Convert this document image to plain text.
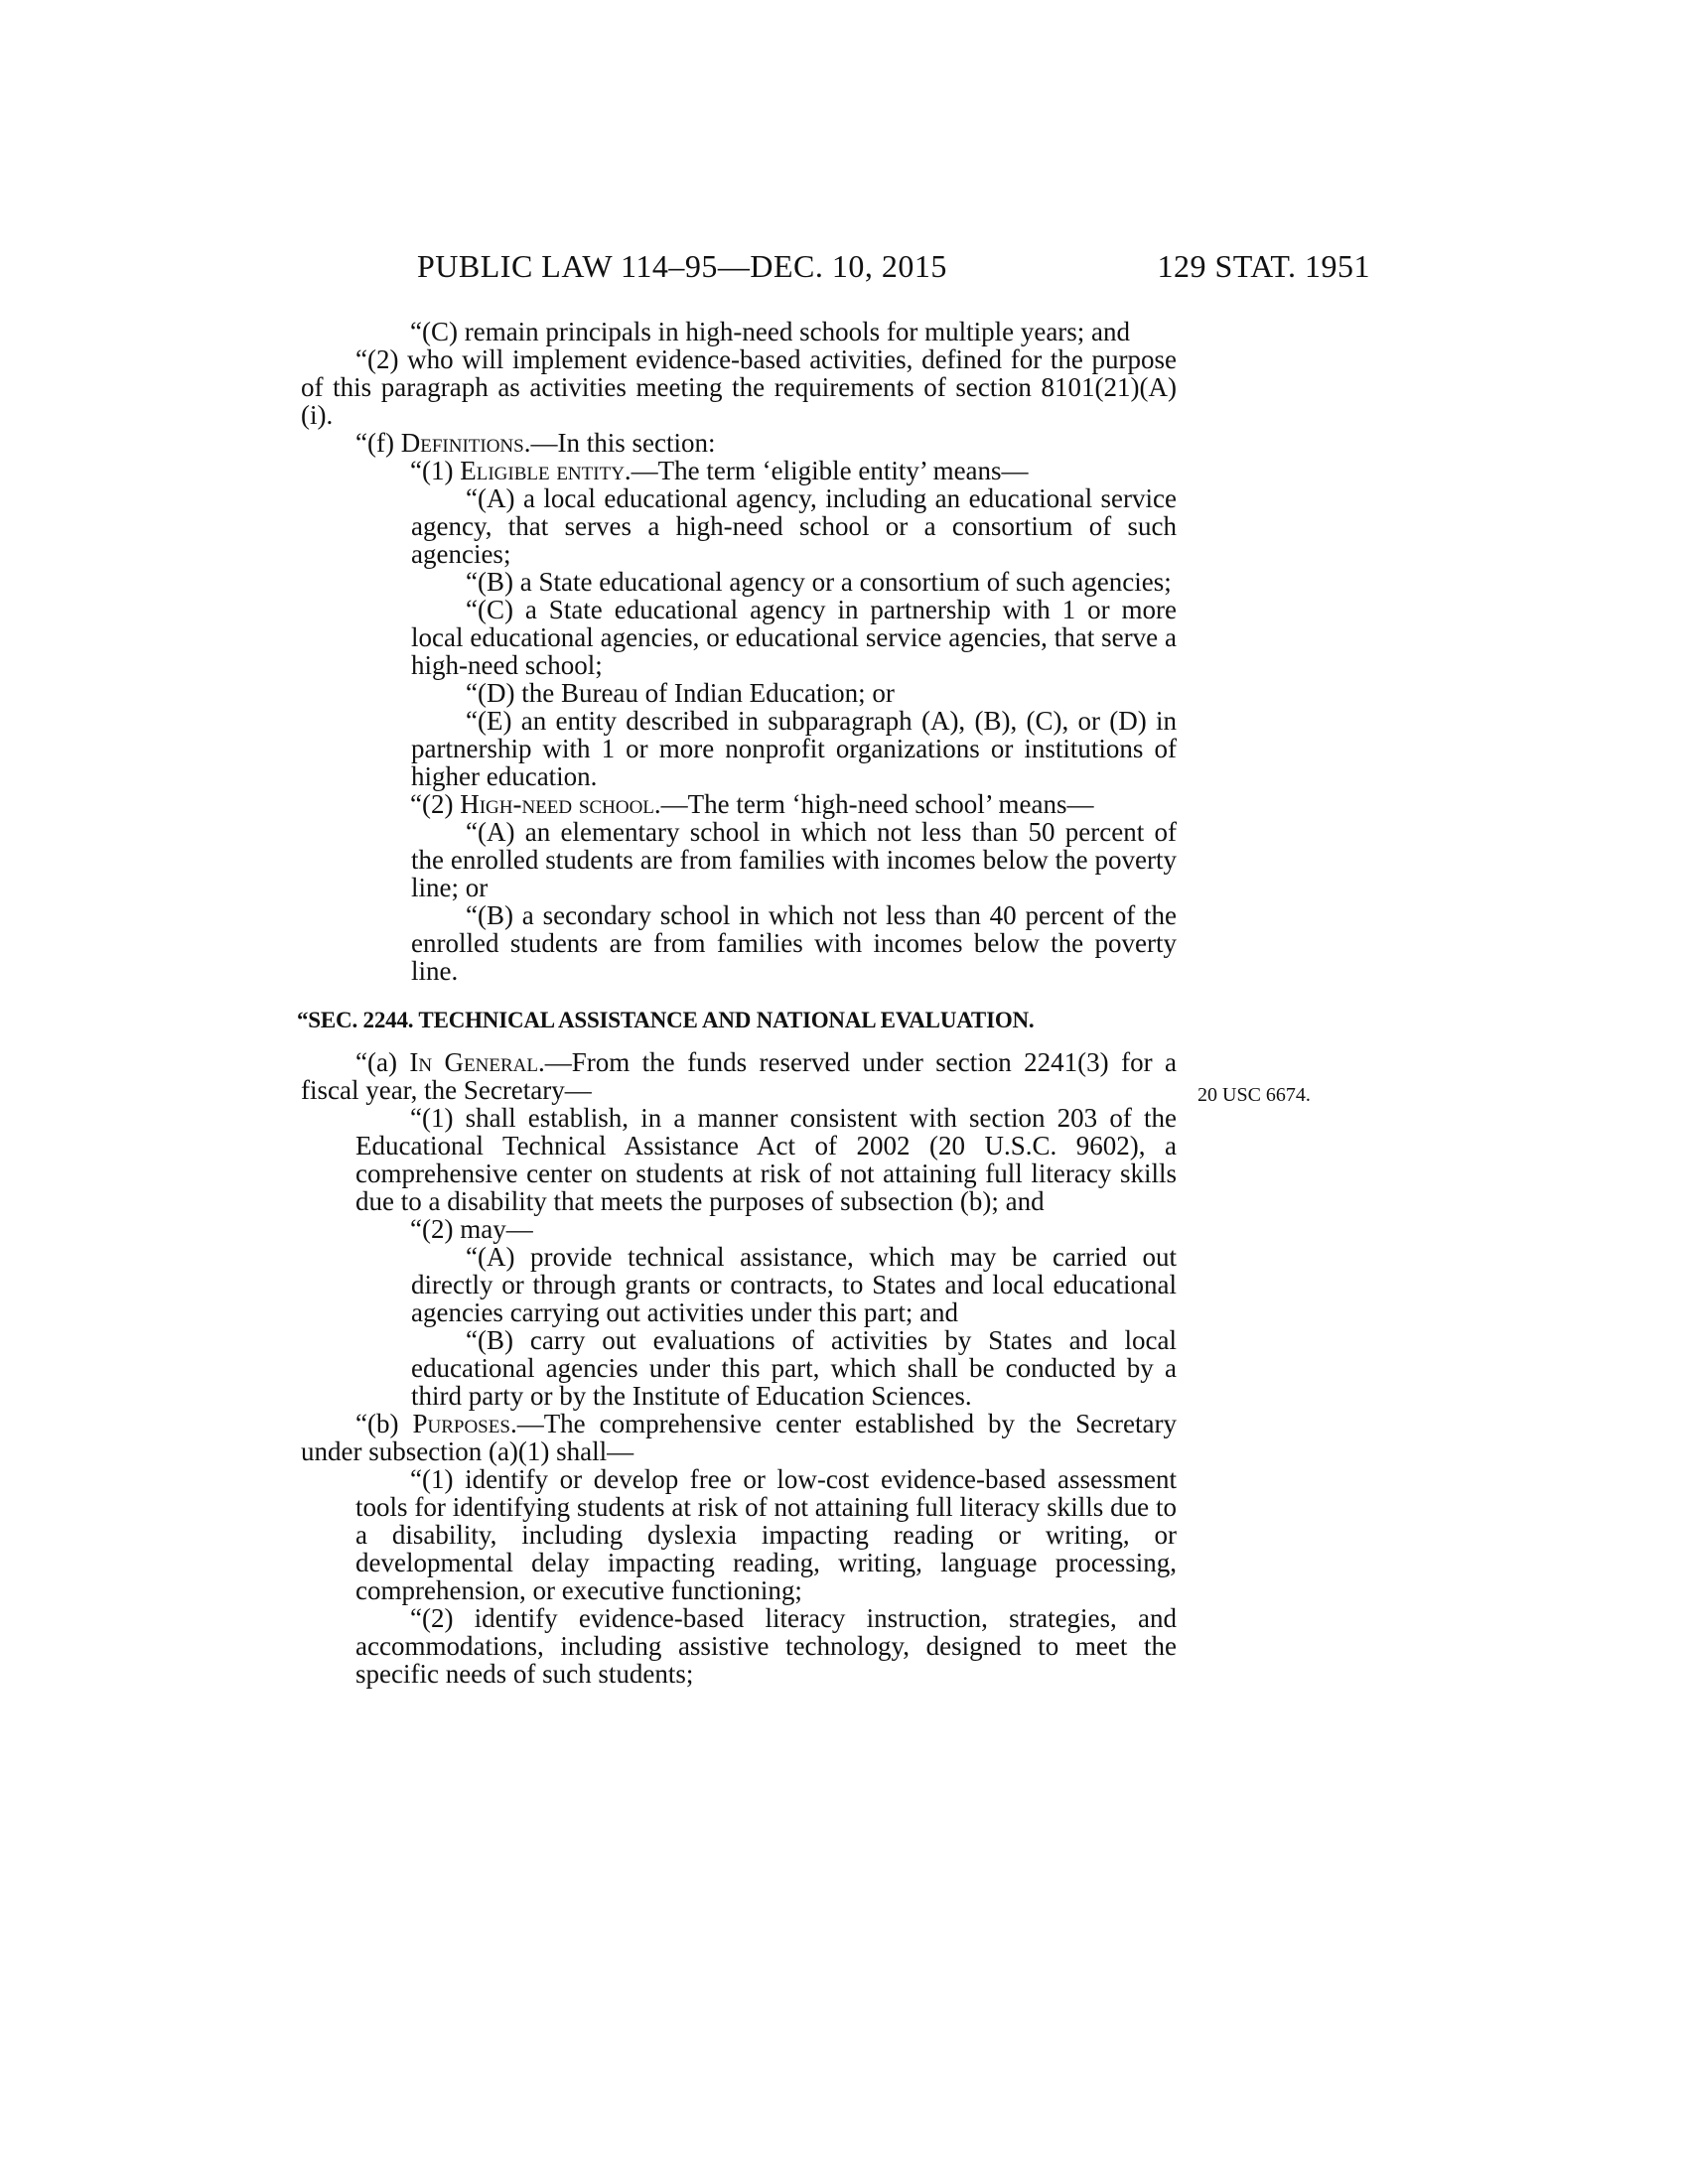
PUBLIC LAW 114–95—DEC. 10, 2015	129 STAT. 1951
20 USC 6674.

“(C) remain principals in high-need schools for multiple years; and

“(2) who will implement evidence-based activities, defined for the purpose of this paragraph as activities meeting the requirements of section 8101(21)(A)(i).

“(f) Definitions.—In this section:

“(1) Eligible entity.—The term ‘eligible entity’ means—

“(A) a local educational agency, including an educational service agency, that serves a high-need school or a consortium of such agencies;

“(B) a State educational agency or a consortium of such agencies;

“(C) a State educational agency in partnership with 1 or more local educational agencies, or educational service agencies, that serve a high-need school;

“(D) the Bureau of Indian Education; or

“(E) an entity described in subparagraph (A), (B), (C), or (D) in partnership with 1 or more nonprofit organizations or institutions of higher education.

“(2) High-need school.—The term ‘high-need school’ means—

“(A) an elementary school in which not less than 50 percent of the enrolled students are from families with incomes below the poverty line; or

“(B) a secondary school in which not less than 40 percent of the enrolled students are from families with incomes below the poverty line.

“SEC. 2244. TECHNICAL ASSISTANCE AND NATIONAL EVALUATION.

“(a) In General.—From the funds reserved under section 2241(3) for a fiscal year, the Secretary—

“(1) shall establish, in a manner consistent with section 203 of the Educational Technical Assistance Act of 2002 (20 U.S.C. 9602), a comprehensive center on students at risk of not attaining full literacy skills due to a disability that meets the purposes of subsection (b); and

“(2) may—

“(A) provide technical assistance, which may be carried out directly or through grants or contracts, to States and local educational agencies carrying out activities under this part; and

“(B) carry out evaluations of activities by States and local educational agencies under this part, which shall be conducted by a third party or by the Institute of Education Sciences.

“(b) Purposes.—The comprehensive center established by the Secretary under subsection (a)(1) shall—

“(1) identify or develop free or low-cost evidence-based assessment tools for identifying students at risk of not attaining full literacy skills due to a disability, including dyslexia impacting reading or writing, or developmental delay impacting reading, writing, language processing, comprehension, or executive functioning;

“(2) identify evidence-based literacy instruction, strategies, and accommodations, including assistive technology, designed to meet the specific needs of such students;
